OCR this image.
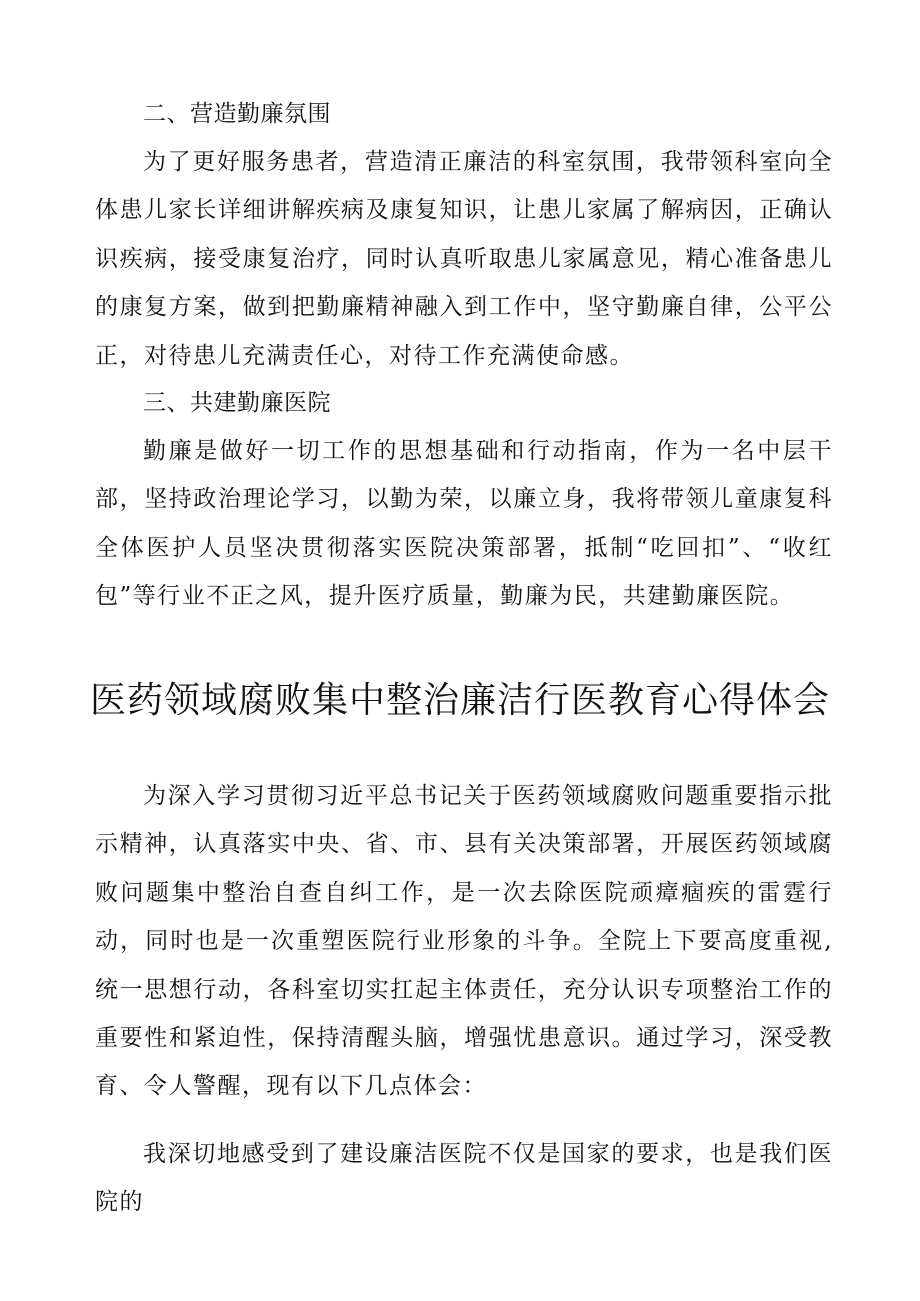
二、营造勤廉氛围

为了更好服务患者，营造清正廉洁的科室氛围，我带领科室向全体患儿家长详细讲解疾病及康复知识，让患儿家属了解病因，正确认识疾病，接受康复治疗，同时认真听取患儿家属意见，精心准备患儿的康复方案，做到把勤廉精神融入到工作中，坚守勤廉自律，公平公正，对待患儿充满责任心，对待工作充满使命感。

三、共建勤廉医院

勤廉是做好一切工作的思想基础和行动指南，作为一名中层干部，坚持政治理论学习，以勤为荣，以廉立身，我将带领儿童康复科全体医护人员坚决贯彻落实医院决策部署，抵制“吃回扣”、“收红包”等行业不正之风，提升医疗质量，勤廉为民，共建勤廉医院。

医药领域腐败集中整治廉洁行医教育心得体会

为深入学习贯彻习近平总书记关于医药领域腐败问题重要指示批示精神，认真落实中央、省、市、县有关决策部署，开展医药领域腐败问题集中整治自查自纠工作，是一次去除医院顽瘴痼疾的雷霆行动，同时也是一次重塑医院行业形象的斗争。全院上下要高度重视,统一思想行动，各科室切实扛起主体责任，充分认识专项整治工作的重要性和紧迫性，保持清醒头脑，增强忧患意识。通过学习，深受教育、令人警醒，现有以下几点体会：

我深切地感受到了建设廉洁医院不仅是国家的要求，也是我们医院的
